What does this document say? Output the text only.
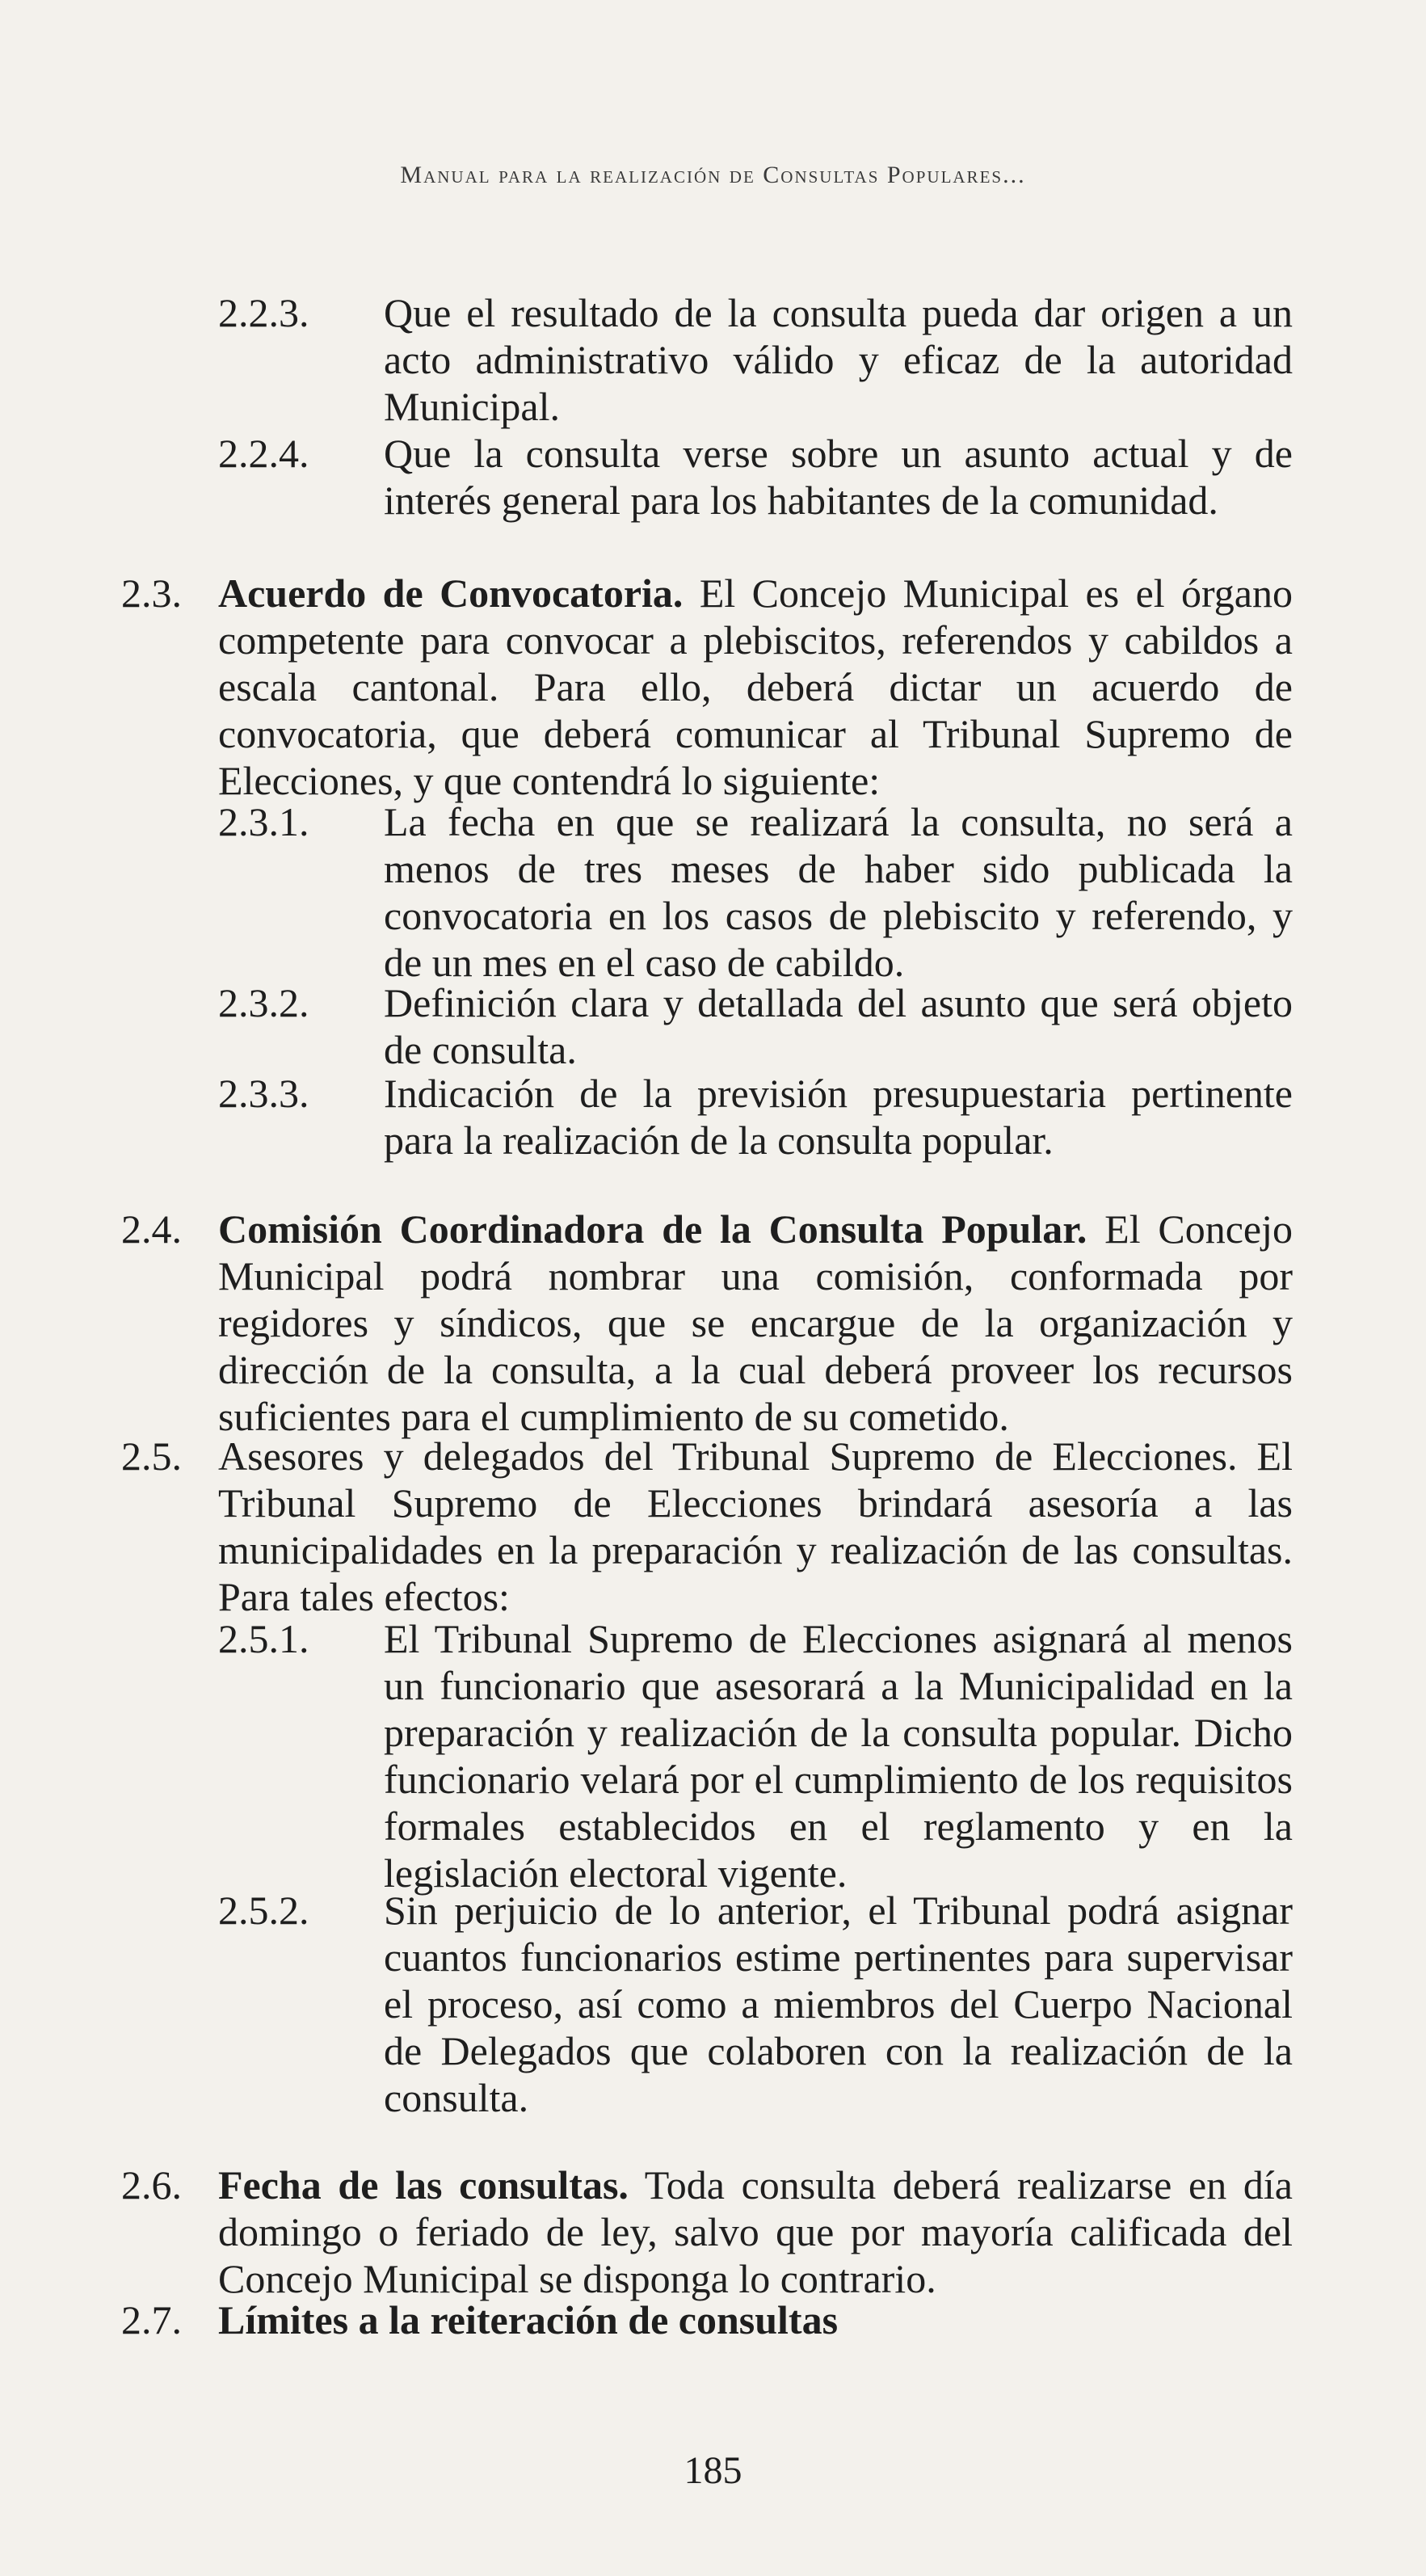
Manual para la realización de Consultas Populares...
2.2.3.	Que el resultado de la consulta pueda dar origen a un acto administrativo válido y eficaz de la autoridad Municipal.
2.2.4.	Que la consulta verse sobre un asunto actual y de interés general para los habitantes de la comunidad.
2.3. Acuerdo de Convocatoria. El Concejo Municipal es el órgano competente para convocar a plebiscitos, referendos y cabildos a escala cantonal. Para ello, deberá dictar un acuerdo de convocatoria, que deberá comunicar al Tribunal Supremo de Elecciones, y que contendrá lo siguiente:
2.3.1.	La fecha en que se realizará la consulta, no será a menos de tres meses de haber sido publicada la convocatoria en los casos de plebiscito y referendo, y de un mes en el caso de cabildo.
2.3.2.	Definición clara y detallada del asunto que será objeto de consulta.
2.3.3.	Indicación de la previsión presupuestaria pertinente para la realización de la consulta popular.
2.4. Comisión Coordinadora de la Consulta Popular. El Concejo Municipal podrá nombrar una comisión, conformada por regidores y síndicos, que se encargue de la organización y dirección de la consulta, a la cual deberá proveer los recursos suficientes para el cumplimiento de su cometido.
2.5. Asesores y delegados del Tribunal Supremo de Elecciones. El Tribunal Supremo de Elecciones brindará asesoría a las municipalidades en la preparación y realización de las consultas. Para tales efectos:
2.5.1.	El Tribunal Supremo de Elecciones asignará al menos un funcionario que asesorará a la Municipalidad en la preparación y realización de la consulta popular. Dicho funcionario velará por el cumplimiento de los requisitos formales establecidos en el reglamento y en la legislación electoral vigente.
2.5.2.	Sin perjuicio de lo anterior, el Tribunal podrá asignar cuantos funcionarios estime pertinentes para supervisar el proceso, así como a miembros del Cuerpo Nacional de Delegados que colaboren con la realización de la consulta.
2.6. Fecha de las consultas. Toda consulta deberá realizarse en día domingo o feriado de ley, salvo que por mayoría calificada del Concejo Municipal se disponga lo contrario.
2.7. Límites a la reiteración de consultas
185
